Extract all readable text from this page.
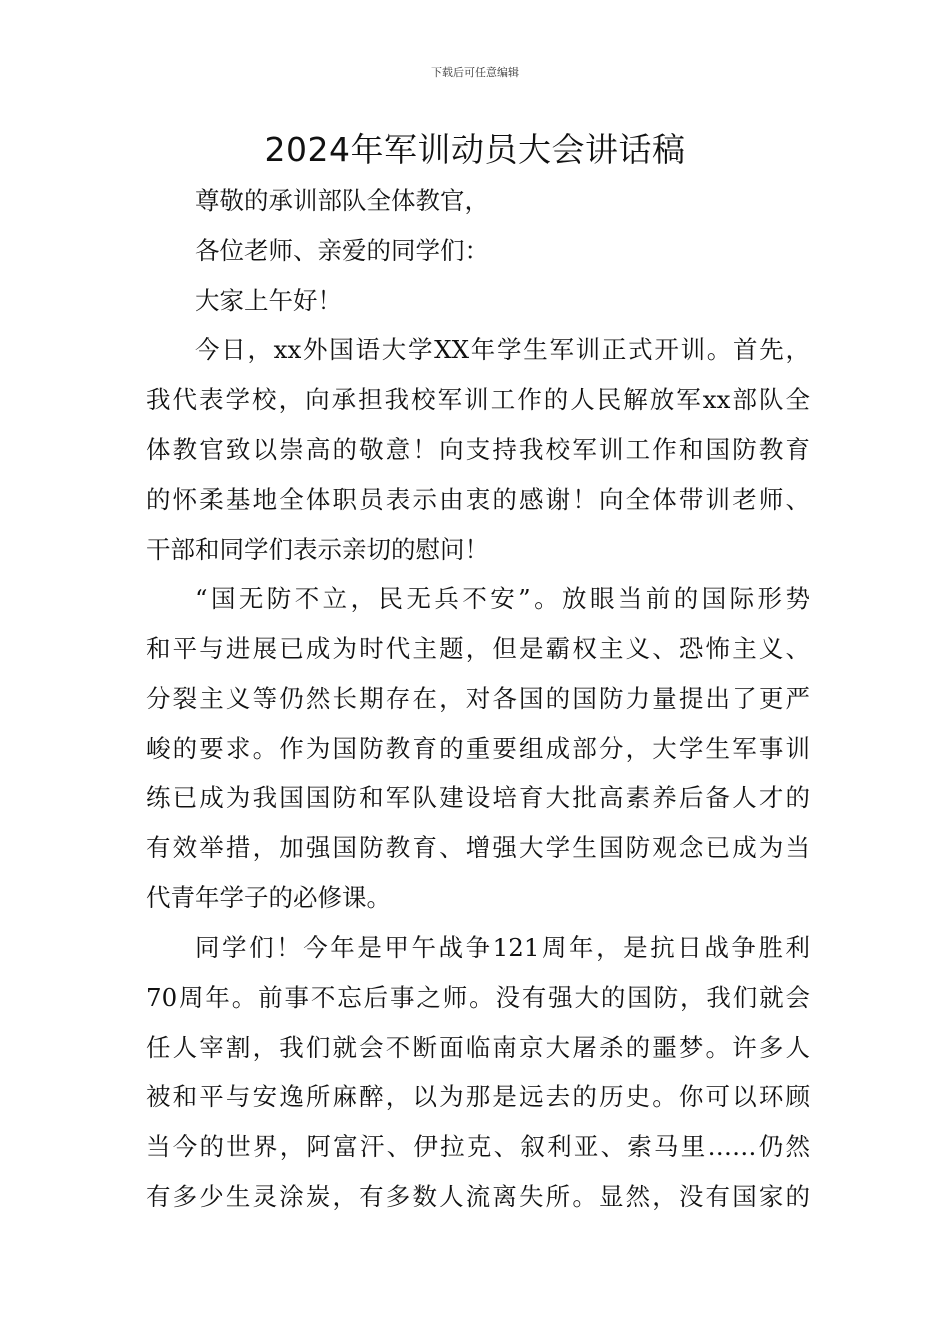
下载后可任意编辑
2024年军训动员大会讲话稿
尊敬的承训部队全体教官，
各位老师、亲爱的同学们：
大家上午好！
今日，xx外国语大学XX年学生军训正式开训。首先，
我代表学校，向承担我校军训工作的人民解放军xx部队全
体教官致以崇高的敬意！向支持我校军训工作和国防教育
的怀柔基地全体职员表示由衷的感谢！向全体带训老师、
干部和同学们表示亲切的慰问！
“国无防不立，民无兵不安”。放眼当前的国际形势
和平与进展已成为时代主题，但是霸权主义、恐怖主义、
分裂主义等仍然长期存在，对各国的国防力量提出了更严
峻的要求。作为国防教育的重要组成部分，大学生军事训
练已成为我国国防和军队建设培育大批高素养后备人才的
有效举措，加强国防教育、增强大学生国防观念已成为当
代青年学子的必修课。
同学们！今年是甲午战争121周年，是抗日战争胜利
70周年。前事不忘后事之师。没有强大的国防，我们就会
任人宰割，我们就会不断面临南京大屠杀的噩梦。许多人
被和平与安逸所麻醉，以为那是远去的历史。你可以环顾
当今的世界，阿富汗、伊拉克、叙利亚、索马里……仍然
有多少生灵涂炭，有多数人流离失所。显然，没有国家的
